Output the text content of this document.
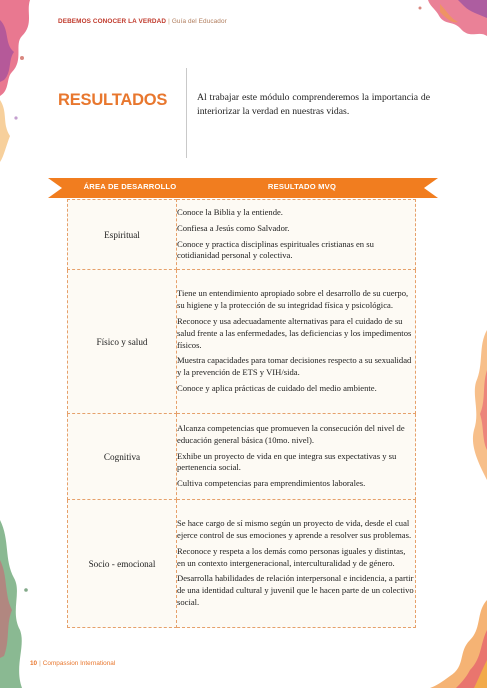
DEBEMOS CONOCER LA VERDAD | Guía del Educador
RESULTADOS	Al trabajar este módulo comprenderemos la importancia de interiorizar la verdad en nuestras vidas.
ÁREA DE DESARROLLO	RESULTADO MVQ
Espiritual	Conoce la Biblia y la entiende.

Confiesa a Jesús como Salvador.

Conoce y practica disciplinas espirituales cristianas en su cotidianidad personal y colectiva.

Físico y salud	Tiene un entendimiento apropiado sobre el desarrollo de su cuerpo, su higiene y la protección de su integridad física y psicológica.

Reconoce y usa adecuadamente alternativas para el cuidado de su salud frente a las enfermedades, las deficiencias y los impedimentos físicos.

Muestra capacidades para tomar decisiones respecto a su sexualidad y la prevención de ETS y VIH/sida.

Conoce y aplica prácticas de cuidado del medio ambiente.

Cognitiva	Alcanza competencias que promueven la consecución del nivel de educación general básica (10mo. nivel).

Exhibe un proyecto de vida en que integra sus expectativas y su pertenencia social.

Cultiva competencias para emprendimientos laborales.

Socio - emocional	Se hace cargo de sí mismo según un proyecto de vida, desde el cual ejerce control de sus emociones y aprende a resolver sus problemas.

Reconoce y respeta a los demás como personas iguales y distintas, en un contexto intergeneracional, interculturalidad y de género.

Desarrolla habilidades de relación interpersonal e incidencia, a partir de una identidad cultural y juvenil que le hacen parte de un colectivo social.

10 | Compassion International
